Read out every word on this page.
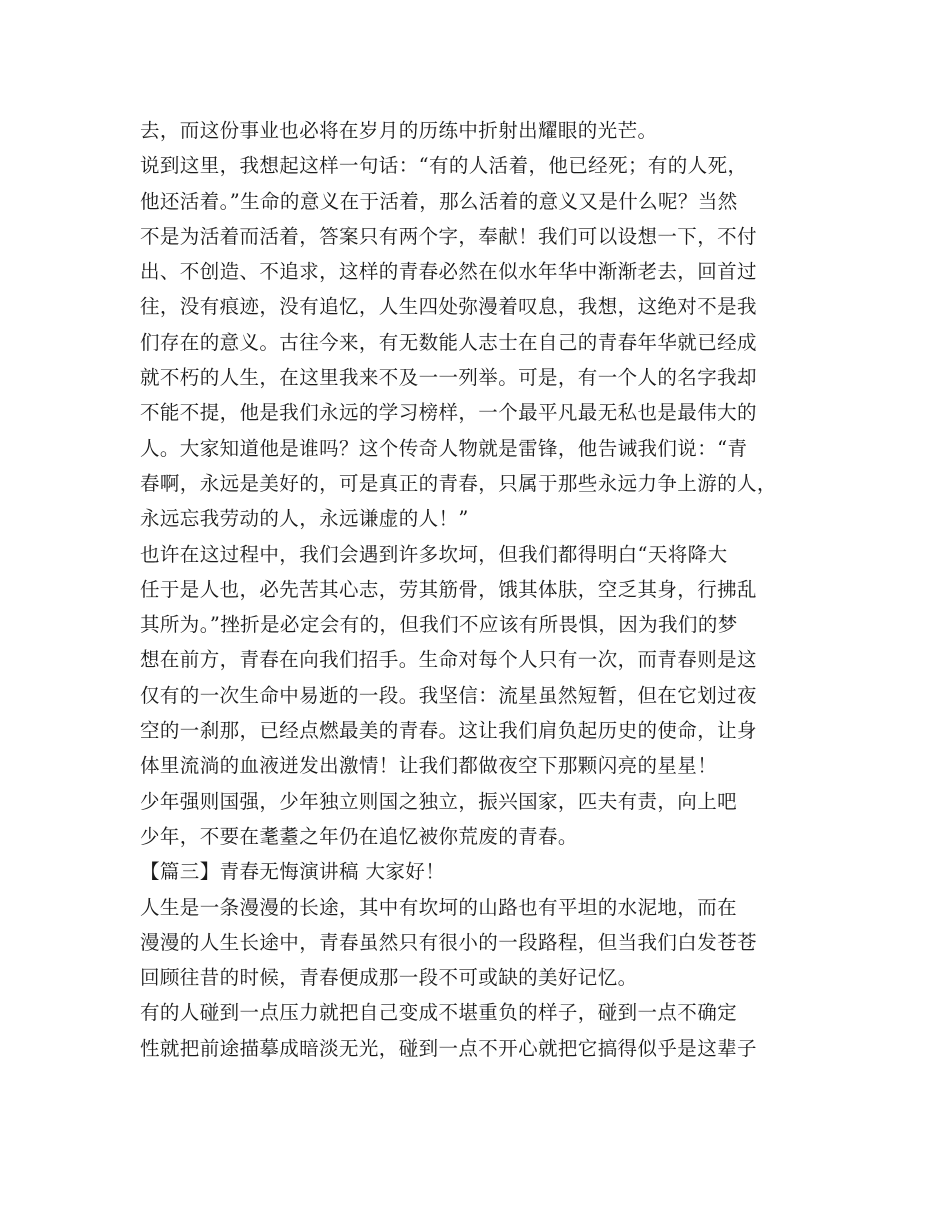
去，而这份事业也必将在岁月的历练中折射出耀眼的光芒。
说到这里，我想起这样一句话：“有的人活着，他已经死；有的人死，
他还活着。”生命的意义在于活着，那么活着的意义又是什么呢？当然
不是为活着而活着，答案只有两个字，奉献！我们可以设想一下，不付
出、不创造、不追求，这样的青春必然在似水年华中渐渐老去，回首过
往，没有痕迹，没有追忆，人生四处弥漫着叹息，我想，这绝对不是我
们存在的意义。古往今来，有无数能人志士在自己的青春年华就已经成
就不朽的人生，在这里我来不及一一列举。可是，有一个人的名字我却
不能不提，他是我们永远的学习榜样，一个最平凡最无私也是最伟大的
人。大家知道他是谁吗？这个传奇人物就是雷锋，他告诫我们说：“青
春啊，永远是美好的，可是真正的青春，只属于那些永远力争上游的人，
永远忘我劳动的人，永远谦虚的人！”
也许在这过程中，我们会遇到许多坎坷，但我们都得明白“天将降大
任于是人也，必先苦其心志，劳其筋骨，饿其体肤，空乏其身，行拂乱
其所为。”挫折是必定会有的，但我们不应该有所畏惧，因为我们的梦
想在前方，青春在向我们招手。生命对每个人只有一次，而青春则是这
仅有的一次生命中易逝的一段。我坚信：流星虽然短暂，但在它划过夜
空的一刹那，已经点燃最美的青春。这让我们肩负起历史的使命，让身
体里流淌的血液迸发出激情！让我们都做夜空下那颗闪亮的星星！
少年强则国强，少年独立则国之独立，振兴国家，匹夫有责，向上吧
少年，不要在耄耋之年仍在追忆被你荒废的青春。
【篇三】青春无悔演讲稿 大家好！
人生是一条漫漫的长途，其中有坎坷的山路也有平坦的水泥地，而在
漫漫的人生长途中，青春虽然只有很小的一段路程，但当我们白发苍苍
回顾往昔的时候，青春便成那一段不可或缺的美好记忆。
有的人碰到一点压力就把自己变成不堪重负的样子，碰到一点不确定
性就把前途描摹成暗淡无光，碰到一点不开心就把它搞得似乎是这辈子
